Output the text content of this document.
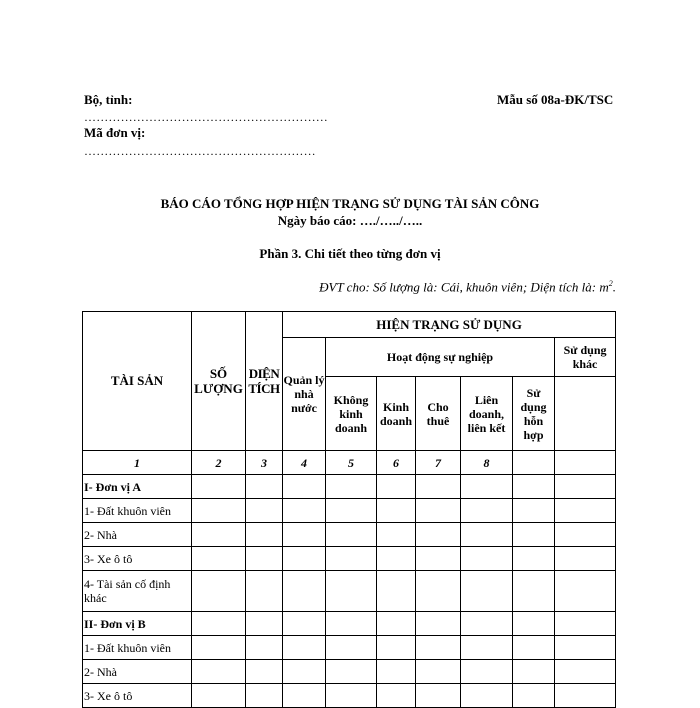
Bộ, tỉnh:	Mẫu số 08a-ĐK/TSC
……………………………………………………
Mã đơn vị:
…………………………………………………
BÁO CÁO TỔNG HỢP HIỆN TRẠNG SỬ DỤNG TÀI SẢN CÔNG
Ngày báo cáo: …./…../…..
Phần 3. Chi tiết theo từng đơn vị
ĐVT cho: Số lượng là: Cái, khuôn viên; Diện tích là: $m^2$.
TÀI SẢN	SỐ LƯỢNG	DIỆN TÍCH	HIỆN TRẠNG SỬ DỤNG						
			Quản lý nhà nước	Hoạt động sự nghiệp					Sử dụng khác
				Không kinh doanh	Kinh doanh	Cho thuê	Liên doanh, liên kết	Sử dụng hỗn hợp	
1	2	3	4	5	6	7	8		
I- Đơn vị A									
1- Đất khuôn viên									
2- Nhà									
3- Xe ô tô									
4- Tài sản cố định khác									
II- Đơn vị B									
1- Đất khuôn viên									
2- Nhà									
3- Xe ô tô									
